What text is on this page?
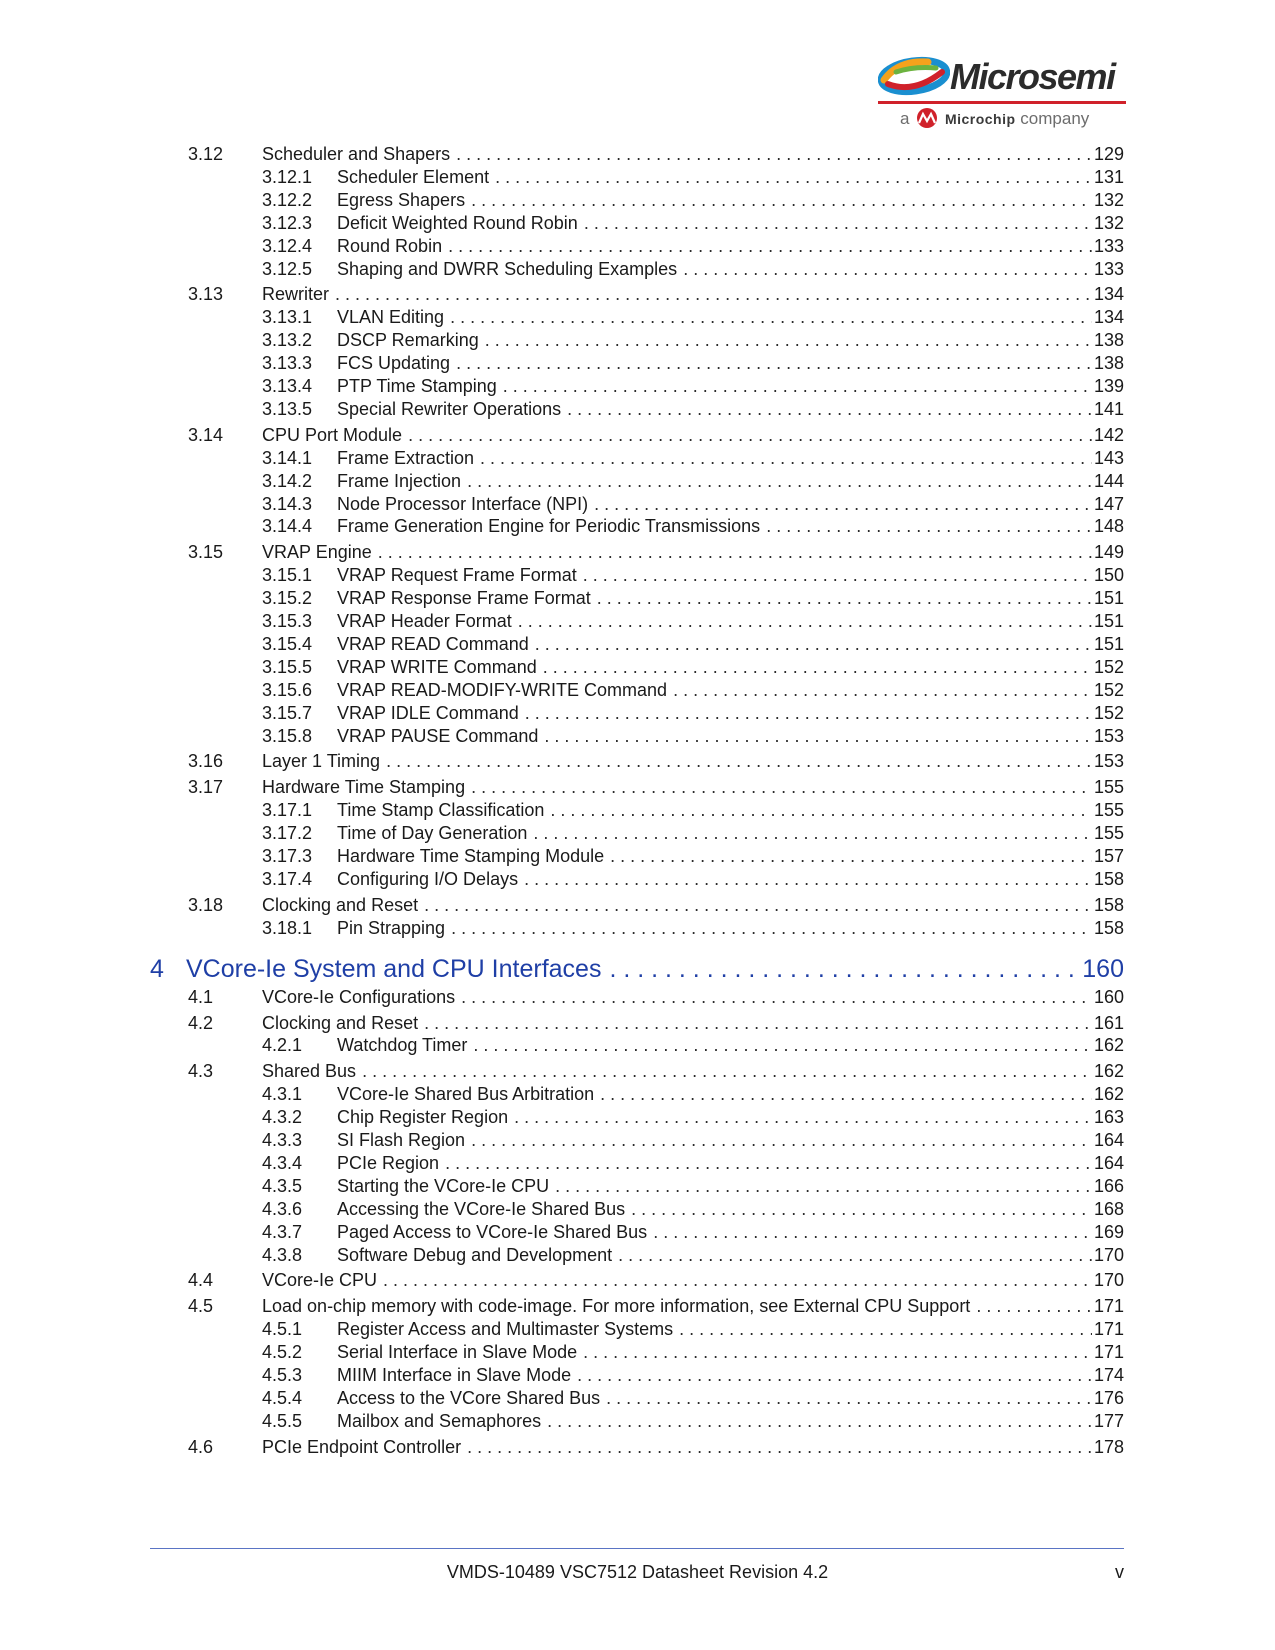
Microsemi
a	Microchip company
3.12	Scheduler and Shapers . . .	129
3.12.1	Scheduler Element . . .	131
3.12.2	Egress Shapers . . .	132
3.12.3	Deficit Weighted Round Robin . . .	132
3.12.4	Round Robin . . .	133
3.12.5	Shaping and DWRR Scheduling Examples . . .	133
3.13	Rewriter . . .	134
3.13.1	VLAN Editing . . .	134
3.13.2	DSCP Remarking . . .	138
3.13.3	FCS Updating . . .	138
3.13.4	PTP Time Stamping . . .	139
3.13.5	Special Rewriter Operations . . .	141
3.14	CPU Port Module . . .	142
3.14.1	Frame Extraction . . .	143
3.14.2	Frame Injection . . .	144
3.14.3	Node Processor Interface (NPI) . . .	147
3.14.4	Frame Generation Engine for Periodic Transmissions . . .	148
3.15	VRAP Engine . . .	149
3.15.1	VRAP Request Frame Format . . .	150
3.15.2	VRAP Response Frame Format . . .	151
3.15.3	VRAP Header Format . . .	151
3.15.4	VRAP READ Command . . .	151
3.15.5	VRAP WRITE Command . . .	152
3.15.6	VRAP READ-MODIFY-WRITE Command . . .	152
3.15.7	VRAP IDLE Command . . .	152
3.15.8	VRAP PAUSE Command . . .	153
3.16	Layer 1 Timing . . .	153
3.17	Hardware Time Stamping . . .	155
3.17.1	Time Stamp Classification . . .	155
3.17.2	Time of Day Generation . . .	155
3.17.3	Hardware Time Stamping Module . . .	157
3.17.4	Configuring I/O Delays . . .	158
3.18	Clocking and Reset . . .	158
3.18.1	Pin Strapping . . .	158
4 VCore-Ie System and CPU Interfaces . . .	160
4.1	VCore-Ie Configurations . . .	160
4.2	Clocking and Reset . . .	161
4.2.1	Watchdog Timer . . .	162
4.3	Shared Bus . . .	162
4.3.1	VCore-Ie Shared Bus Arbitration . . .	162
4.3.2	Chip Register Region . . .	163
4.3.3	SI Flash Region . . .	164
4.3.4	PCIe Region . . .	164
4.3.5	Starting the VCore-Ie CPU . . .	166
4.3.6	Accessing the VCore-Ie Shared Bus . . .	168
4.3.7	Paged Access to VCore-Ie Shared Bus . . .	169
4.3.8	Software Debug and Development . . .	170
4.4	VCore-Ie CPU . . .	170
4.5	Load on-chip memory with code-image. For more information, see External CPU Support . . .	171
4.5.1	Register Access and Multimaster Systems . . .	171
4.5.2	Serial Interface in Slave Mode . . .	171
4.5.3	MIIM Interface in Slave Mode . . .	174
4.5.4	Access to the VCore Shared Bus . . .	176
4.5.5	Mailbox and Semaphores . . .	177
4.6	PCIe Endpoint Controller . . .	178
VMDS-10489 VSC7512 Datasheet Revision 4.2	v
